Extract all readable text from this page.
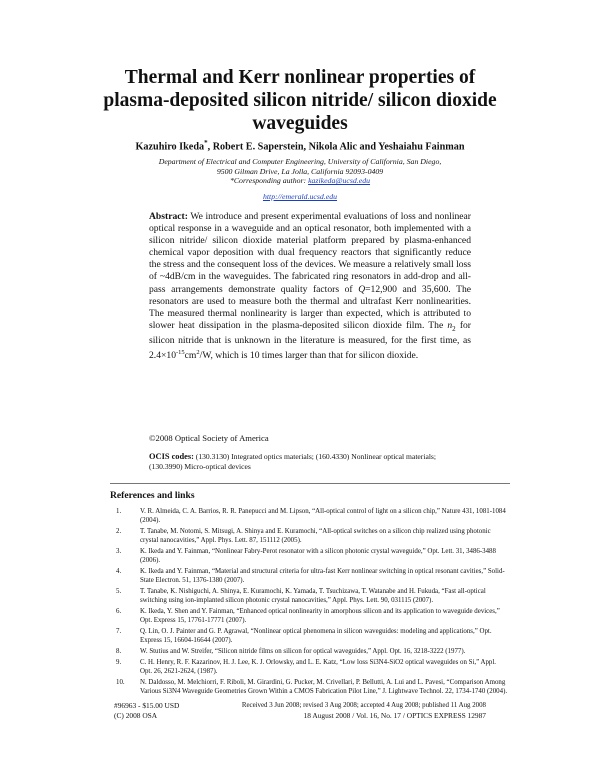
Thermal and Kerr nonlinear properties of
plasma-deposited silicon nitride/ silicon dioxide
waveguides
Kazuhiro Ikeda*, Robert E. Saperstein, Nikola Alic and Yeshaiahu Fainman
Department of Electrical and Computer Engineering, University of California, San Diego,
9500 Gilman Drive, La Jolla, California 92093-0409
*Corresponding author: kazikeda@ucsd.edu
http://emerald.ucsd.edu

Abstract: We introduce and present experimental evaluations of loss and nonlinear optical response in a waveguide and an optical resonator, both implemented with a silicon nitride/ silicon dioxide material platform prepared by plasma-enhanced chemical vapor deposition with dual frequency reactors that significantly reduce the stress and the consequent loss of the devices. We measure a relatively small loss of ~4dB/cm in the waveguides. The fabricated ring resonators in add-drop and all-pass arrangements demonstrate quality factors of Q=12,900 and 35,600. The resonators are used to measure both the thermal and ultrafast Kerr nonlinearities. The measured thermal nonlinearity is larger than expected, which is attributed to slower heat dissipation in the plasma-deposited silicon dioxide film. The $n_2$ for silicon nitride that is unknown in the literature is measured, for the first time, as $2.4\times 10^{-15}cm^2/W$, which is 10 times larger than that for silicon dioxide.

©2008 Optical Society of America

OCIS codes: (130.3130) Integrated optics materials; (160.4330) Nonlinear optical materials; (130.3990) Micro-optical devices

References and links
1.	V. R. Almeida, C. A. Barrios, R. R. Panepucci and M. Lipson, “All-optical control of light on a silicon chip,” Nature 431, 1081-1084 (2004).
2.	T. Tanabe, M. Notomi, S. Mitsugi, A. Shinya and E. Kuramochi, “All-optical switches on a silicon chip realized using photonic crystal nanocavities,” Appl. Phys. Lett. 87, 151112 (2005).
3.	K. Ikeda and Y. Fainman, “Nonlinear Fabry-Perot resonator with a silicon photonic crystal waveguide,” Opt. Lett. 31, 3486-3488 (2006).
4.	K. Ikeda and Y. Fainman, “Material and structural criteria for ultra-fast Kerr nonlinear switching in optical resonant cavities,” Solid-State Electron. 51, 1376-1380 (2007).
5.	T. Tanabe, K. Nishiguchi, A. Shinya, E. Kuramochi, K. Yamada, T. Tsuchizawa, T. Watanabe and H. Fukuda, “Fast all-optical switching using ion-implanted silicon photonic crystal nanocavities,” Appl. Phys. Lett. 90, 031115 (2007).
6.	K. Ikeda, Y. Shen and Y. Fainman, “Enhanced optical nonlinearity in amorphous silicon and its application to waveguide devices,” Opt. Express 15, 17761-17771 (2007).
7.	Q. Lin, O. J. Painter and G. P. Agrawal, “Nonlinear optical phenomena in silicon waveguides: modeling and applications,” Opt. Express 15, 16604-16644 (2007).
8.	W. Stutius and W. Streifer, “Silicon nitride films on silicon for optical waveguides,” Appl. Opt. 16, 3218-3222 (1977).
9.	C. H. Henry, R. F. Kazarinov, H. J. Lee, K. J. Orlowsky, and L. E. Katz, “Low loss Si3N4-SiO2 optical waveguides on Si,” Appl. Opt. 26, 2621-2624, (1987).
10. N. Daldosso, M. Melchiorri, F. Riboli, M. Girardini, G. Pucker, M. Crivellari, P. Bellutti, A. Lui and L. Pavesi, “Comparison Among Various Si3N4 Waveguide Geometries Grown Within a CMOS Fabrication Pilot Line,” J. Lightwave Technol. 22, 1734-1740 (2004).
#96963 - $15.00 USD	Received 3 Jun 2008; revised 3 Aug 2008; accepted 4 Aug 2008; published 11 Aug 2008
(C) 2008 OSA	18 August 2008 / Vol. 16, No. 17 / OPTICS EXPRESS 12987
